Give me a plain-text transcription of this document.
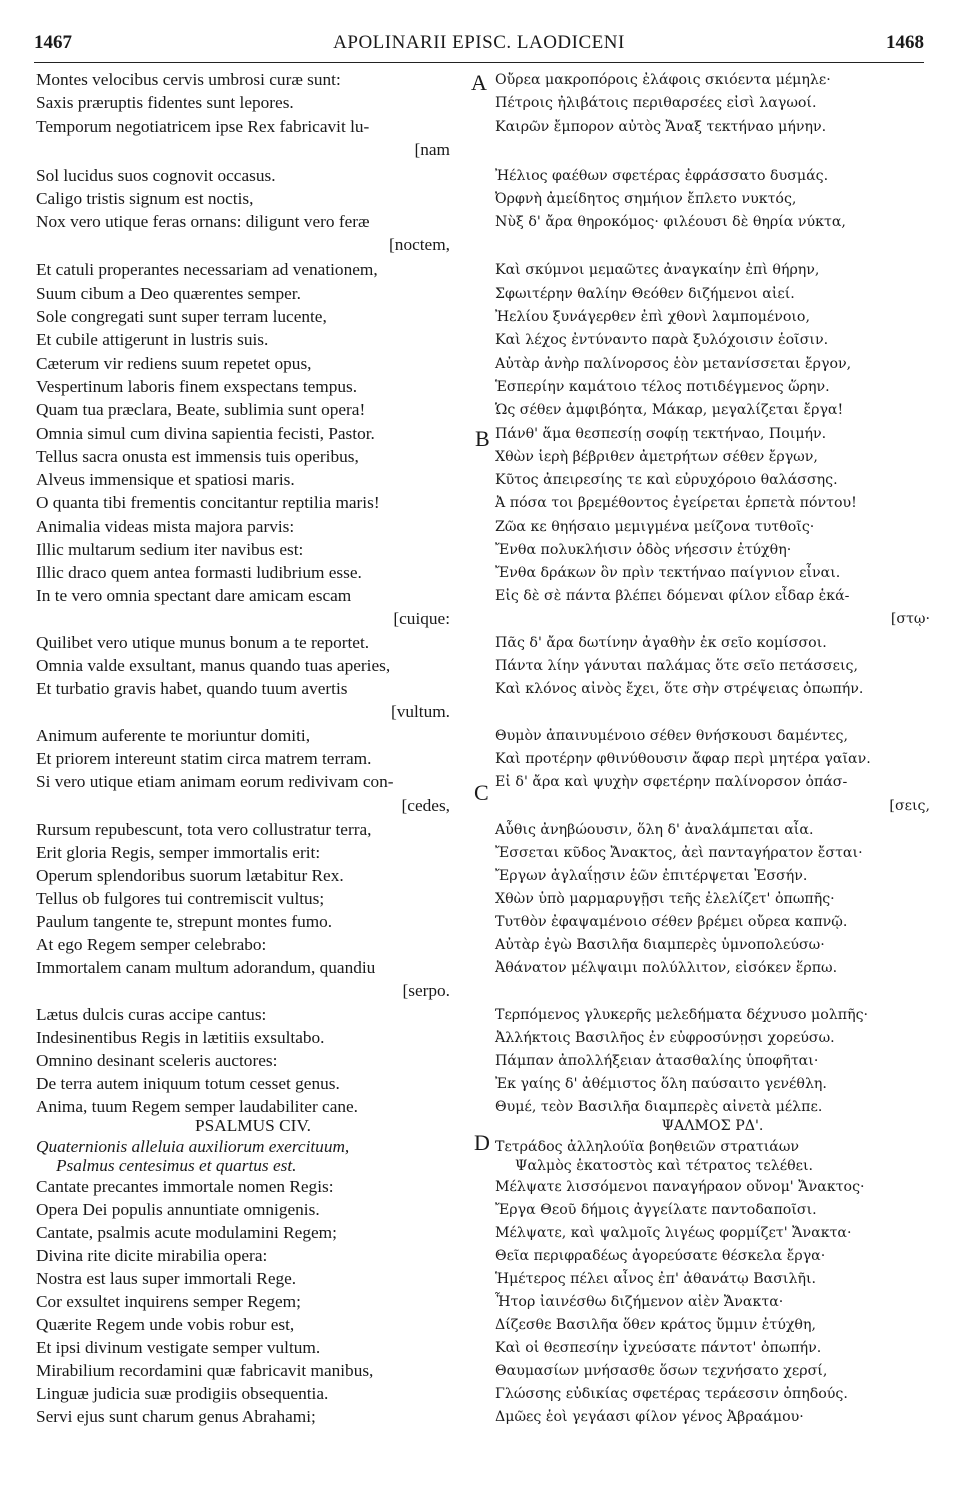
1467	APOLINARII EPISC. LAODICENI	1468
Montes velocibus cervis umbrosi curæ sunt:
Saxis præruptis fidentes sunt lepores.
Temporum negotiatricem ipse Rex fabricavit lu-
[nam
Sol lucidus suos cognovit occasus.
Caligo tristis signum est noctis,
Nox vero utique feras ornans: diligunt vero feræ
[noctem,
Et catuli properantes necessariam ad venationem,
Suum cibum a Deo quærentes semper.
Sole congregati sunt super terram lucente,
Et cubile attigerunt in lustris suis.
Cæterum vir rediens suum repetet opus,
Vespertinum laboris finem exspectans tempus.
Quam tua præclara, Beate, sublimia sunt opera!
Omnia simul cum divina sapientia fecisti, Pastor.
Tellus sacra onusta est immensis tuis operibus,
Alveus immensique et spatiosi maris.
O quanta tibi frementis concitantur reptilia maris!
Animalia videas mista majora parvis:
Illic multarum sedium iter navibus est:
Illic draco quem antea formasti ludibrium esse.
In te vero omnia spectant dare amicam escam
[cuique:
Quilibet vero utique munus bonum a te reportet.
Omnia valde exsultant, manus quando tuas aperies,
Et turbatio gravis habet, quando tuum avertis
[vultum.
Animum auferente te moriuntur domiti,
Et priorem intereunt statim circa matrem terram.
Si vero utique etiam animam eorum redivivam con-
[cedes,
Rursum repubescunt, tota vero collustratur terra,
Erit gloria Regis, semper immortalis erit:
Operum splendoribus suorum lætabitur Rex.
Tellus ob fulgores tui contremiscit vultus;
Paulum tangente te, strepunt montes fumo.
At ego Regem semper celebrabo:
Immortalem canam multum adorandum, quandiu
[serpo.
Lætus dulcis curas accipe cantus:
Indesinentibus Regis in lætitiis exsultabo.
Omnino desinant sceleris auctores:
De terra autem iniquum totum cesset genus.
Anima, tuum Regem semper laudabiliter cane.
PSALMUS CIV.
Quaternionis alleluia auxiliorum exercituum,
Psalmus centesimus et quartus est.
Cantate precantes immortale nomen Regis:
Opera Dei populis annuntiate omnigenis.
Cantate, psalmis acute modulamini Regem;
Divina rite dicite mirabilia opera:
Nostra est laus super immortali Rege.
Cor exsultet inquirens semper Regem;
Quærite Regem unde vobis robur est,
Et ipsi divinum vestigate semper vultum.
Mirabilium recordamini quæ fabricavit manibus,
Linguæ judicia suæ prodigiis obsequentia.
Servi ejus sunt charum genus Abrahami;
Οὔρεα μακροπόροις ἐλάφοις σκιόεντα μέμηλε·
Πέτροις ἠλιβάτοις περιθαρσέες εἰσὶ λαγωοί.
Καιρῶν ἔμπορον αὐτὸς Ἄναξ τεκτήναο μήνην.
Ἠέλιος φαέθων σφετέρας ἐφράσσατο δυσμάς.
Ὀρφνὴ ἀμείδητος σημήιον ἔπλετο νυκτός,
Νὺξ δ' ἄρα θηροκόμος· φιλέουσι δὲ θηρία νύκτα,
Καὶ σκύμνοι μεμαῶτες ἀναγκαίην ἐπὶ θήρην,
Σφωιτέρην θαλίην Θεόθεν διζήμενοι αἰεί.
Ἠελίου ξυνάγερθεν ἐπὶ χθονὶ λαμπομένοιο,
Καὶ λέχος ἐντύναντο παρὰ ξυλόχοισιν ἑοῖσιν.
Αὐτὰρ ἀνὴρ παλίνορσος ἑὸν μετανίσσεται ἔργον,
Ἑσπερίην καμάτοιο τέλος ποτιδέγμενος ὥρην.
Ὡς σέθεν ἀμφιβόητα, Μάκαρ, μεγαλίζεται ἔργα!
Πάνθ' ἅμα θεσπεσίῃ σοφίῃ τεκτήναο, Ποιμήν.
Χθὼν ἱερὴ βέβριθεν ἀμετρήτων σέθεν ἔργων,
Κῦτος ἀπειρεσίης τε καὶ εὐρυχόροιο θαλάσσης.
Ἀ πόσα τοι βρεμέθοντος ἐγείρεται ἑρπετὰ πόντου!
Ζῶα κε θηήσαιο μεμιγμένα μείζονα τυτθοῖς·
Ἔνθα πολυκλήισιν ὁδὸς νήεσσιν ἐτύχθη·
Ἔνθα δράκων ὃν πρὶν τεκτήναο παίγνιον εἶναι.
Εἰς δὲ σὲ πάντα βλέπει δόμεναι φίλον εἶδαρ ἑκά-
[στῳ·
Πᾶς δ' ἄρα δωτίνην ἀγαθὴν ἐκ σεῖο κομίσσοι.
Πάντα λίην γάνυται παλάμας ὅτε σεῖο πετάσσεις,
Καὶ κλόνος αἰνὸς ἔχει, ὅτε σὴν στρέψειας ὀπωπήν.
Θυμὸν ἀπαινυμένοιο σέθεν θνήσκουσι δαμέντες,
Καὶ προτέρην φθινύθουσιν ἄφαρ περὶ μητέρα γαῖαν.
Εἰ δ' ἄρα καὶ ψυχὴν σφετέρην παλίνορσον ὀπάσ-
[σεις,
Αὖθις ἀνηβώουσιν, ὅλη δ' ἀναλάμπεται αἶα.
Ἔσσεται κῦδος Ἄνακτος, ἀεὶ πανταγήρατον ἔσται·
Ἔργων ἀγλαΐῃσιν ἑῶν ἐπιτέρψεται Ἐσσήν.
Χθὼν ὑπὸ μαρμαρυγῇσι τεῆς ἐλελίζετ' ὀπωπῆς·
Τυτθὸν ἐφαψαμένοιο σέθεν βρέμει οὔρεα καπνῷ.
Αὐτὰρ ἐγὼ Βασιλῆα διαμπερὲς ὑμνοπολεύσω·
Ἀθάνατον μέλψαιμι πολύλλιτον, εἰσόκεν ἕρπω.
Τερπόμενος γλυκερῆς μελεδήματα δέχνυσο μολπῆς·
Ἀλλήκτοις Βασιλῆος ἐν εὐφροσύνῃσι χορεύσω.
Πάμπαν ἀπολλήξειαν ἀτασθαλίης ὑποφῆται·
Ἐκ γαίης δ' ἀθέμιστος ὅλη παύσαιτο γενέθλη.
Θυμέ, τεὸν Βασιλῆα διαμπερὲς αἰνετὰ μέλπε.
ΨΑΛΜΟΣ ΡΔ'.
Τετράδος ἀλληλούϊα βοηθειῶν στρατιάων
Ψαλμὸς ἑκατοστὸς καὶ τέτρατος τελέθει.
Μέλψατε λισσόμενοι παναγήραον οὔνομ' Ἄνακτος·
Ἔργα Θεοῦ δήμοις ἀγγείλατε παντοδαποῖσι.
Μέλψατε, καὶ ψαλμοῖς λιγέως φορμίζετ' Ἄνακτα·
Θεῖα περιφραδέως ἀγορεύσατε θέσκελα ἔργα·
Ἡμέτερος πέλει αἶνος ἐπ' ἀθανάτῳ Βασιλῆι.
Ἦτορ ἰαινέσθω διζήμενον αἰὲν Ἄνακτα·
Δίζεσθε Βασιλῆα ὅθεν κράτος ὔμμιν ἐτύχθη,
Καὶ οἱ θεσπεσίην ἰχνεύσατε πάντοτ' ὀπωπήν.
Θαυμασίων μνήσασθε ὅσων τεχνήσατο χερσί,
Γλώσσης εὐδικίας σφετέρας τεράεσσιν ὀπηδούς.
Δμῶες ἑοὶ γεγάασι φίλον γένος Ἀβραάμου·
A
B
C
D
